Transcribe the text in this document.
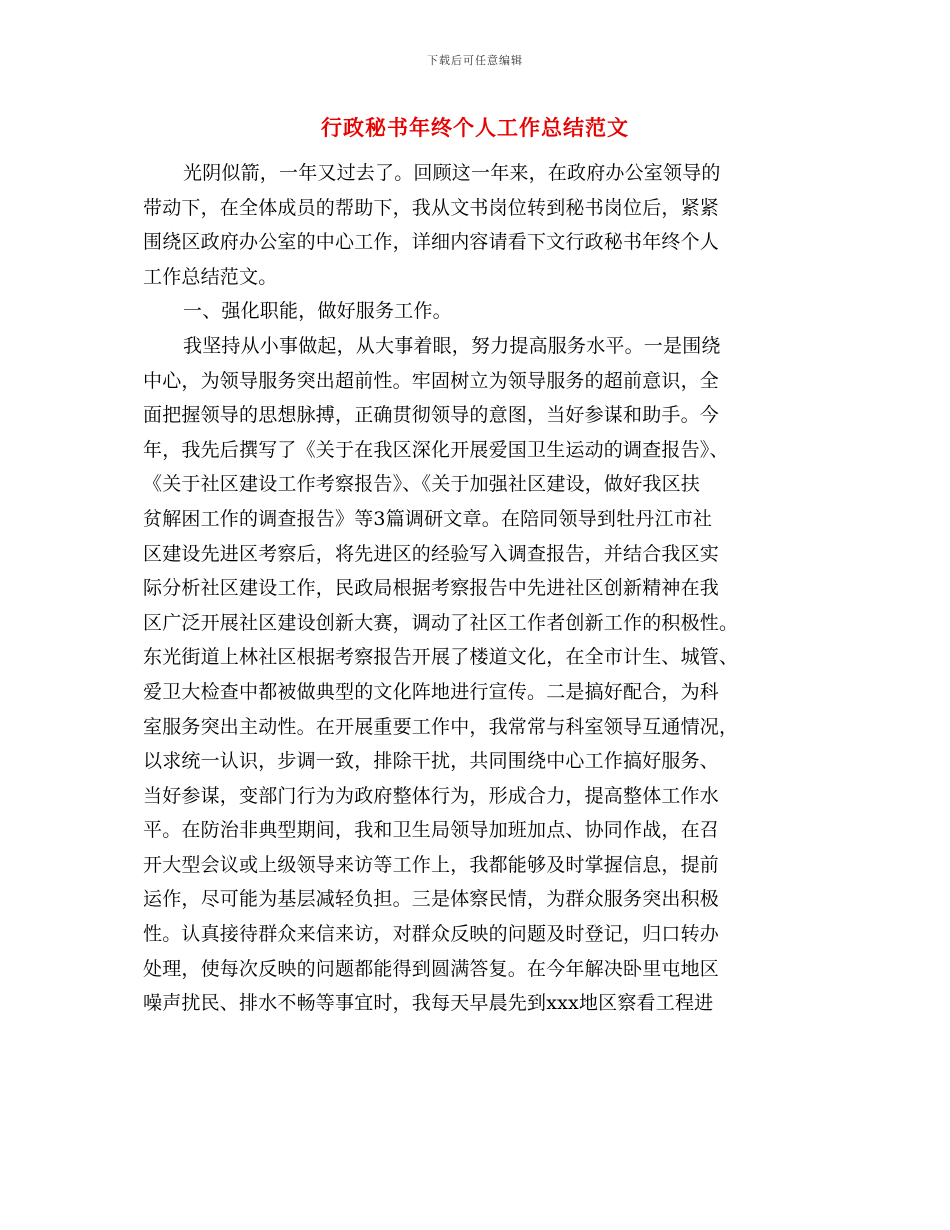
下载后可任意编辑
行政秘书年终个人工作总结范文
光阴似箭，一年又过去了。回顾这一年来，在政府办公室领导的
带动下，在全体成员的帮助下，我从文书岗位转到秘书岗位后，紧紧
围绕区政府办公室的中心工作，详细内容请看下文行政秘书年终个人
工作总结范文。
一、强化职能，做好服务工作。
我坚持从小事做起，从大事着眼，努力提高服务水平。一是围绕
中心，为领导服务突出超前性。牢固树立为领导服务的超前意识，全
面把握领导的思想脉搏，正确贯彻领导的意图，当好参谋和助手。今
年，我先后撰写了《关于在我区深化开展爱国卫生运动的调查报告》、
《关于社区建设工作考察报告》、《关于加强社区建设，做好我区扶
贫解困工作的调查报告》等3篇调研文章。在陪同领导到牡丹江市社
区建设先进区考察后，将先进区的经验写入调查报告，并结合我区实
际分析社区建设工作，民政局根据考察报告中先进社区创新精神在我
区广泛开展社区建设创新大赛，调动了社区工作者创新工作的积极性。
东光街道上林社区根据考察报告开展了楼道文化，在全市计生、城管、
爱卫大检查中都被做典型的文化阵地进行宣传。二是搞好配合，为科
室服务突出主动性。在开展重要工作中，我常常与科室领导互通情况，
以求统一认识，步调一致，排除干扰，共同围绕中心工作搞好服务、
当好参谋，变部门行为为政府整体行为，形成合力，提高整体工作水
平。在防治非典型期间，我和卫生局领导加班加点、协同作战，在召
开大型会议或上级领导来访等工作上，我都能够及时掌握信息，提前
运作，尽可能为基层减轻负担。三是体察民情，为群众服务突出积极
性。认真接待群众来信来访，对群众反映的问题及时登记，归口转办
处理，使每次反映的问题都能得到圆满答复。在今年解决卧里屯地区
噪声扰民、排水不畅等事宜时，我每天早晨先到xxx地区察看工程进
